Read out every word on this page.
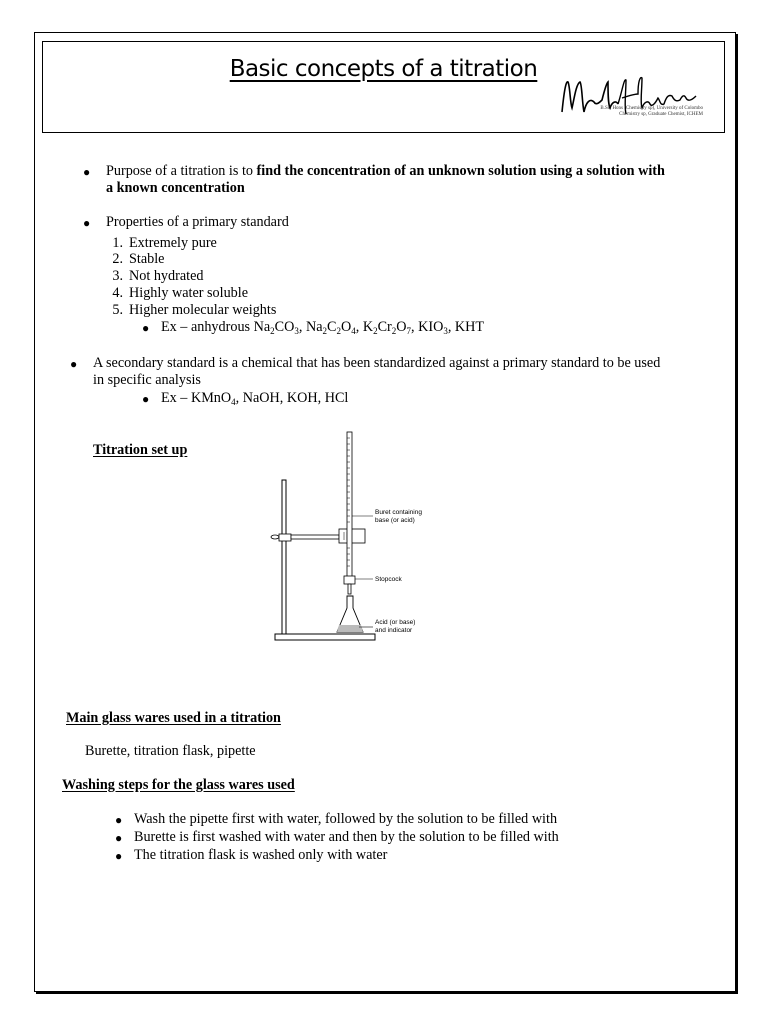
Basic concepts of a titration
B.Sc. Hons (Chemistry sp), University of Colombo
Chemistry sp, Graduate Chemist, ICHEM
● Purpose of a titration is to find the concentration of an unknown solution using a solution with
a known concentration
● Properties of a primary standard
1. Extremely pure
2. Stable
3. Not hydrated
4. Highly water soluble
5. Higher molecular weights
● Ex – anhydrous $Na_2CO_3$, $Na_2C_2O_4$, $K_2Cr_2O_7$, $KIO_3$, KHT
● A secondary standard is a chemical that has been standardized against a primary standard to be used
in specific analysis
● Ex – KMnO$_4$, NaOH, KOH, HCl
Titration set up
Buret containing
base (or acid)
Stopcock
Acid (or base)
and indicator
Main glass wares used in a titration
Burette, titration flask, pipette
Washing steps for the glass wares used
● Wash the pipette first with water, followed by the solution to be filled with
● Burette is first washed with water and then by the solution to be filled with
● The titration flask is washed only with water
